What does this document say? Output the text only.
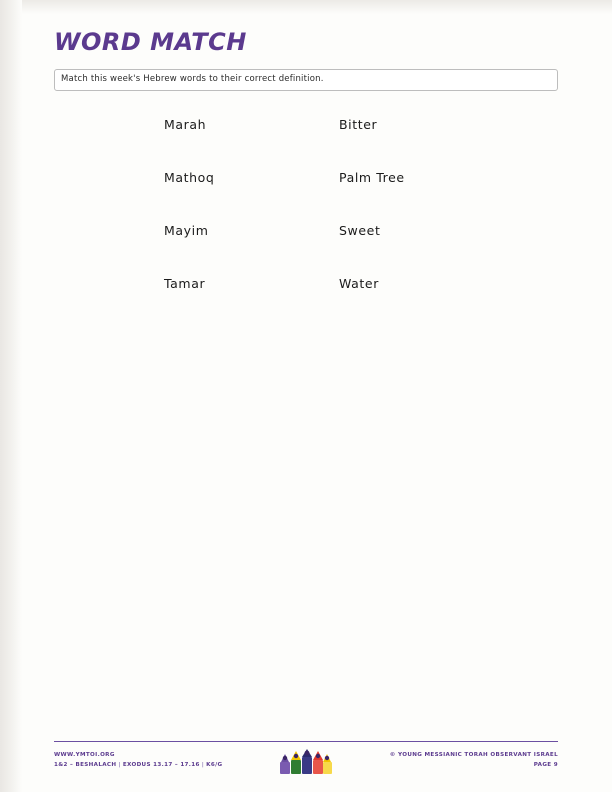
WORD MATCH
Match this week's Hebrew words to their correct definition.
Marah
Mathoq
Mayim
Tamar
Bitter
Palm Tree
Sweet
Water
WWW.YMTOI.ORG
1&2 – BESHALACH | EXODUS 13.17 – 17.16 | K6/G
© YOUNG MESSIANIC TORAH OBSERVANT ISRAEL
PAGE 9
